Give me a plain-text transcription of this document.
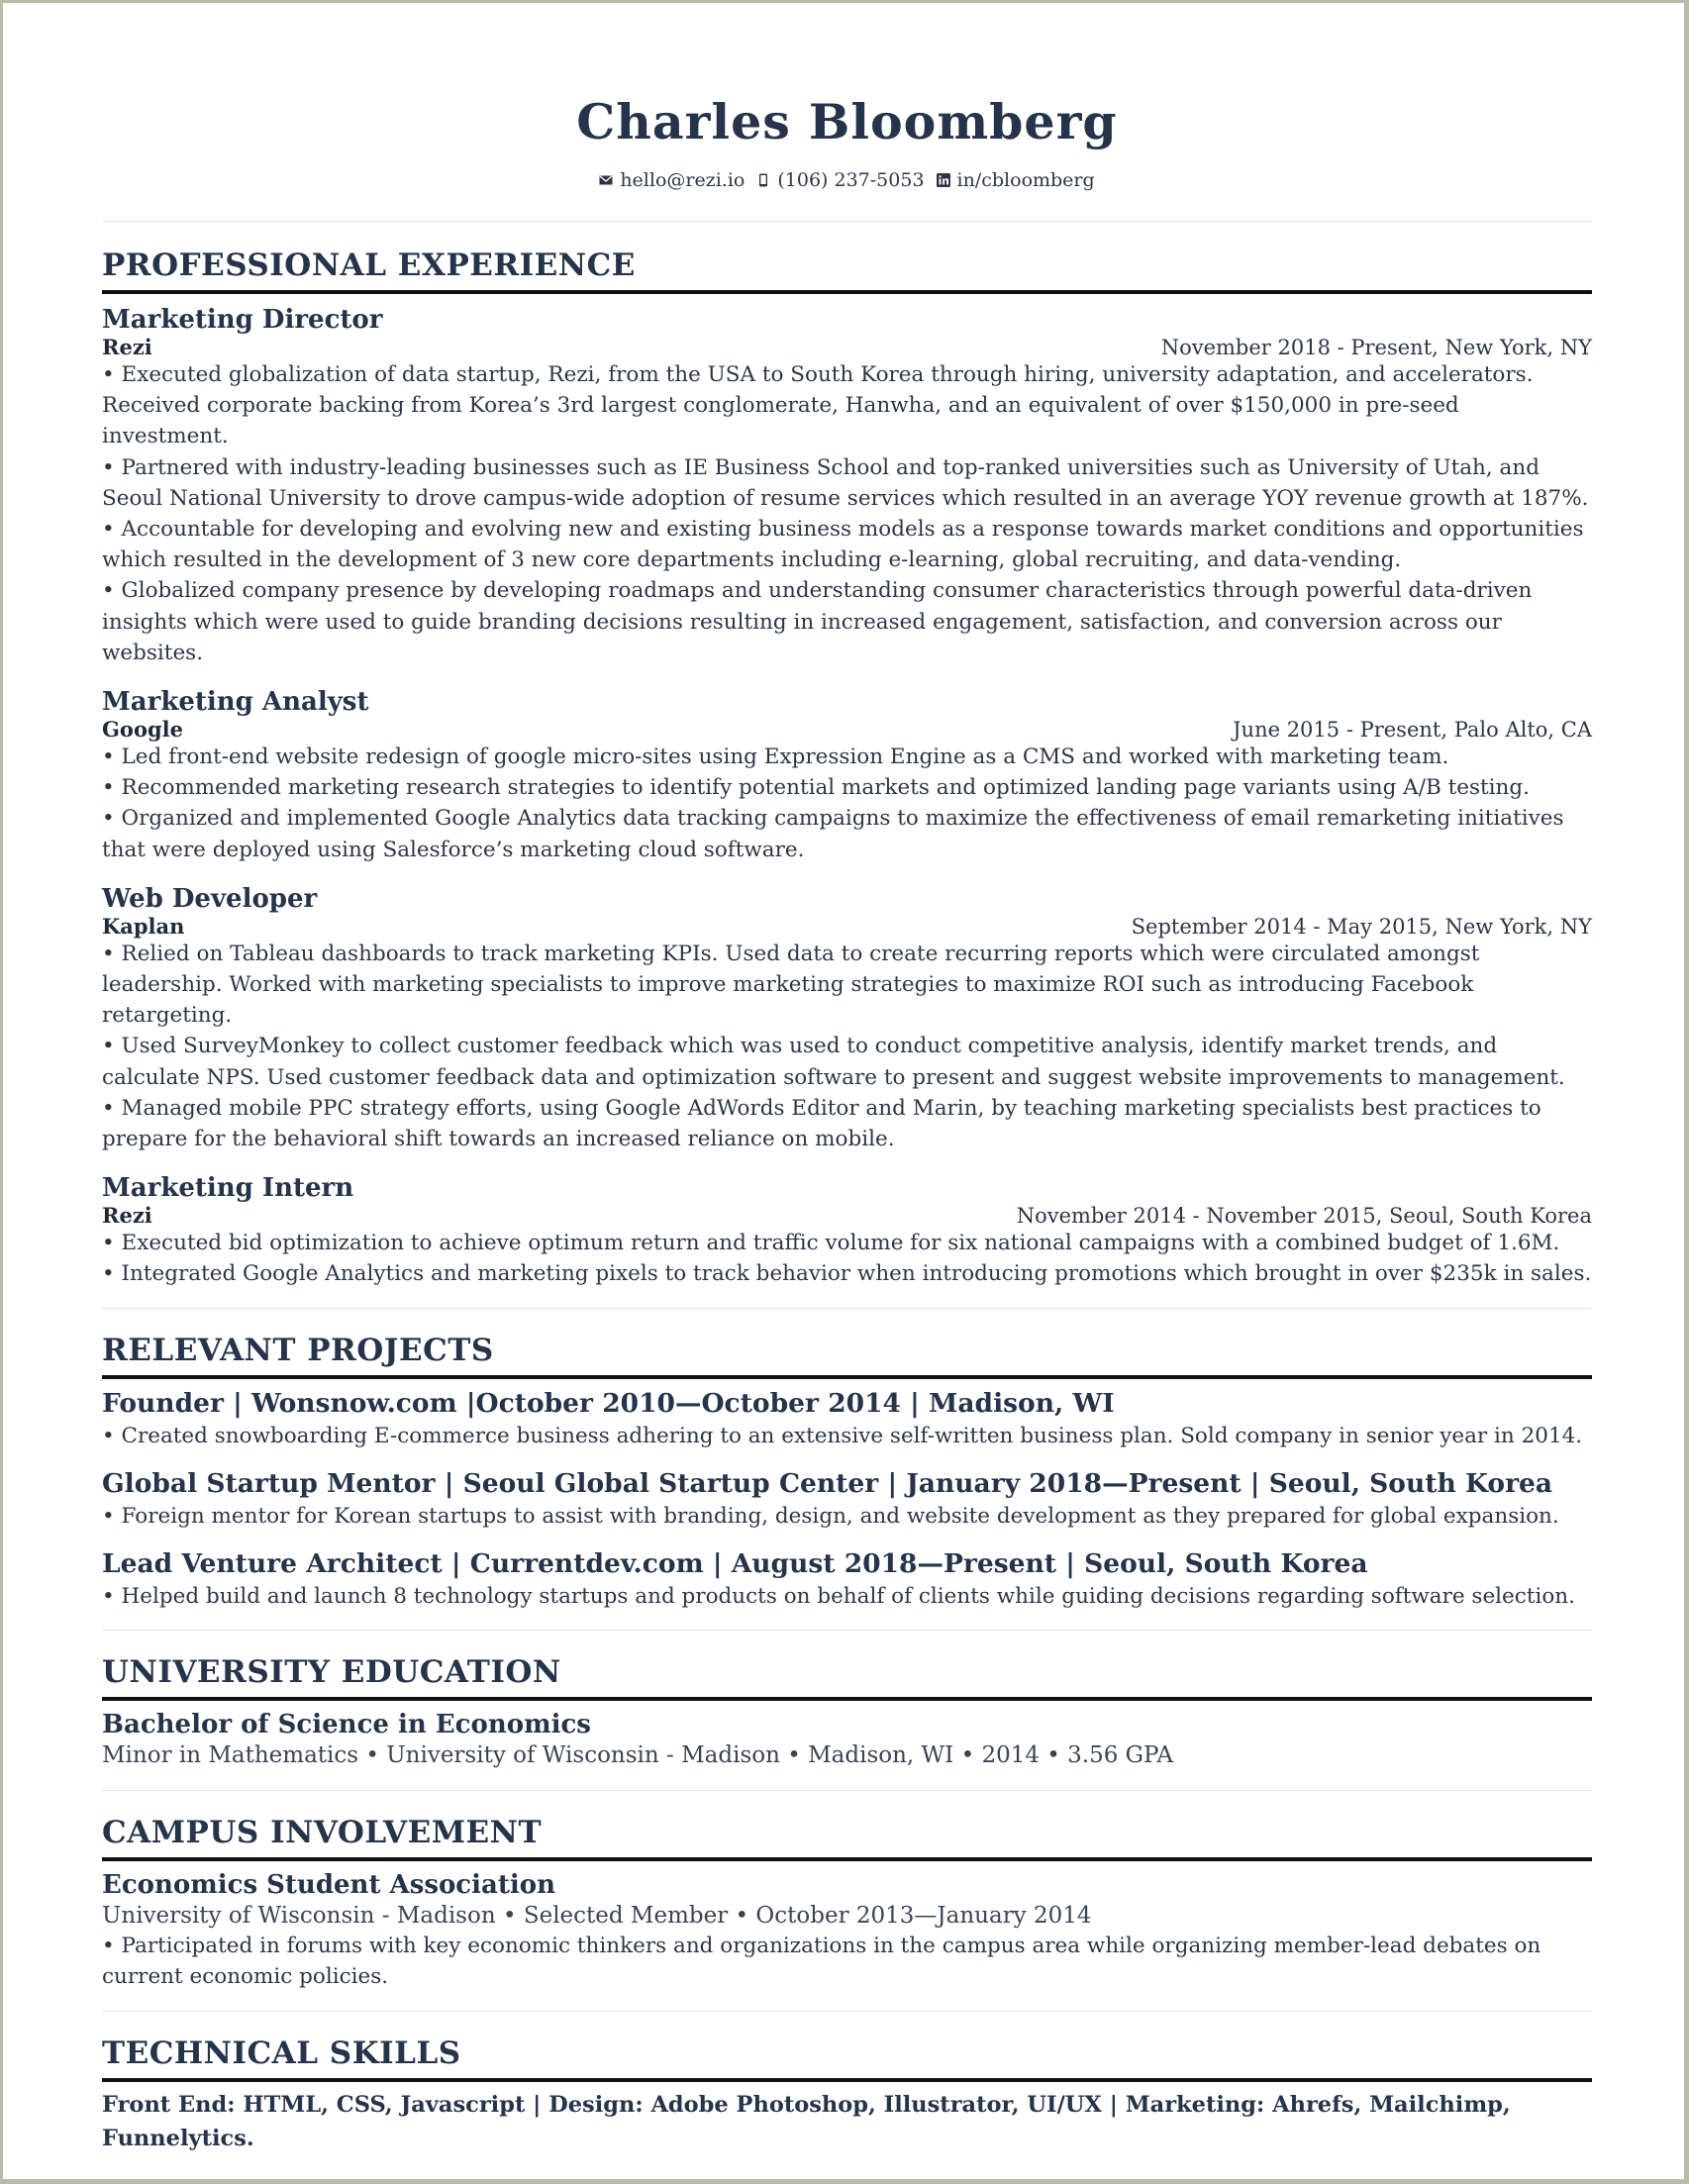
Charles Bloomberg
hello@rezi.io (106) 237-5053 in/cbloomberg
PROFESSIONAL EXPERIENCE
Marketing Director
Rezi	November 2018 - Present, New York, NY

• Executed globalization of data startup, Rezi, from the USA to South Korea through hiring, university adaptation, and accelerators. Received corporate backing from Korea’s 3rd largest conglomerate, Hanwha, and an equivalent of over $150,000 in pre-seed investment.

• Partnered with industry-leading businesses such as IE Business School and top-ranked universities such as University of Utah, and Seoul National University to drove campus-wide adoption of resume services which resulted in an average YOY revenue growth at 187%.

• Accountable for developing and evolving new and existing business models as a response towards market conditions and opportunities which resulted in the development of 3 new core departments including e-learning, global recruiting, and data-vending.

• Globalized company presence by developing roadmaps and understanding consumer characteristics through powerful data-driven insights which were used to guide branding decisions resulting in increased engagement, satisfaction, and conversion across our websites.

Marketing Analyst
Google	June 2015 - Present, Palo Alto, CA

• Led front-end website redesign of google micro-sites using Expression Engine as a CMS and worked with marketing team.

• Recommended marketing research strategies to identify potential markets and optimized landing page variants using A/B testing.

• Organized and implemented Google Analytics data tracking campaigns to maximize the effectiveness of email remarketing initiatives that were deployed using Salesforce’s marketing cloud software.

Web Developer
Kaplan	September 2014 - May 2015, New York, NY

• Relied on Tableau dashboards to track marketing KPIs. Used data to create recurring reports which were circulated amongst leadership. Worked with marketing specialists to improve marketing strategies to maximize ROI such as introducing Facebook retargeting.

• Used SurveyMonkey to collect customer feedback which was used to conduct competitive analysis, identify market trends, and calculate NPS. Used customer feedback data and optimization software to present and suggest website improvements to management.

• Managed mobile PPC strategy efforts, using Google AdWords Editor and Marin, by teaching marketing specialists best practices to prepare for the behavioral shift towards an increased reliance on mobile.

Marketing Intern
Rezi	November 2014 - November 2015, Seoul, South Korea

• Executed bid optimization to achieve optimum return and traffic volume for six national campaigns with a combined budget of 1.6M.

• Integrated Google Analytics and marketing pixels to track behavior when introducing promotions which brought in over $235k in sales.

RELEVANT PROJECTS
Founder | Wonsnow.com |October 2010—October 2014 | Madison, WI

• Created snowboarding E-commerce business adhering to an extensive self-written business plan. Sold company in senior year in 2014.

Global Startup Mentor | Seoul Global Startup Center | January 2018—Present | Seoul, South Korea

• Foreign mentor for Korean startups to assist with branding, design, and website development as they prepared for global expansion.

Lead Venture Architect | Currentdev.com | August 2018—Present | Seoul, South Korea

• Helped build and launch 8 technology startups and products on behalf of clients while guiding decisions regarding software selection.

UNIVERSITY EDUCATION
Bachelor of Science in Economics
Minor in Mathematics • University of Wisconsin - Madison • Madison, WI • 2014 • 3.56 GPA
CAMPUS INVOLVEMENT
Economics Student Association
University of Wisconsin - Madison • Selected Member • October 2013—January 2014

• Participated in forums with key economic thinkers and organizations in the campus area while organizing member-lead debates on current economic policies.

TECHNICAL SKILLS
Front End: HTML, CSS, Javascript | Design: Adobe Photoshop, Illustrator, UI/UX | Marketing: Ahrefs, Mailchimp, Funnelytics.
